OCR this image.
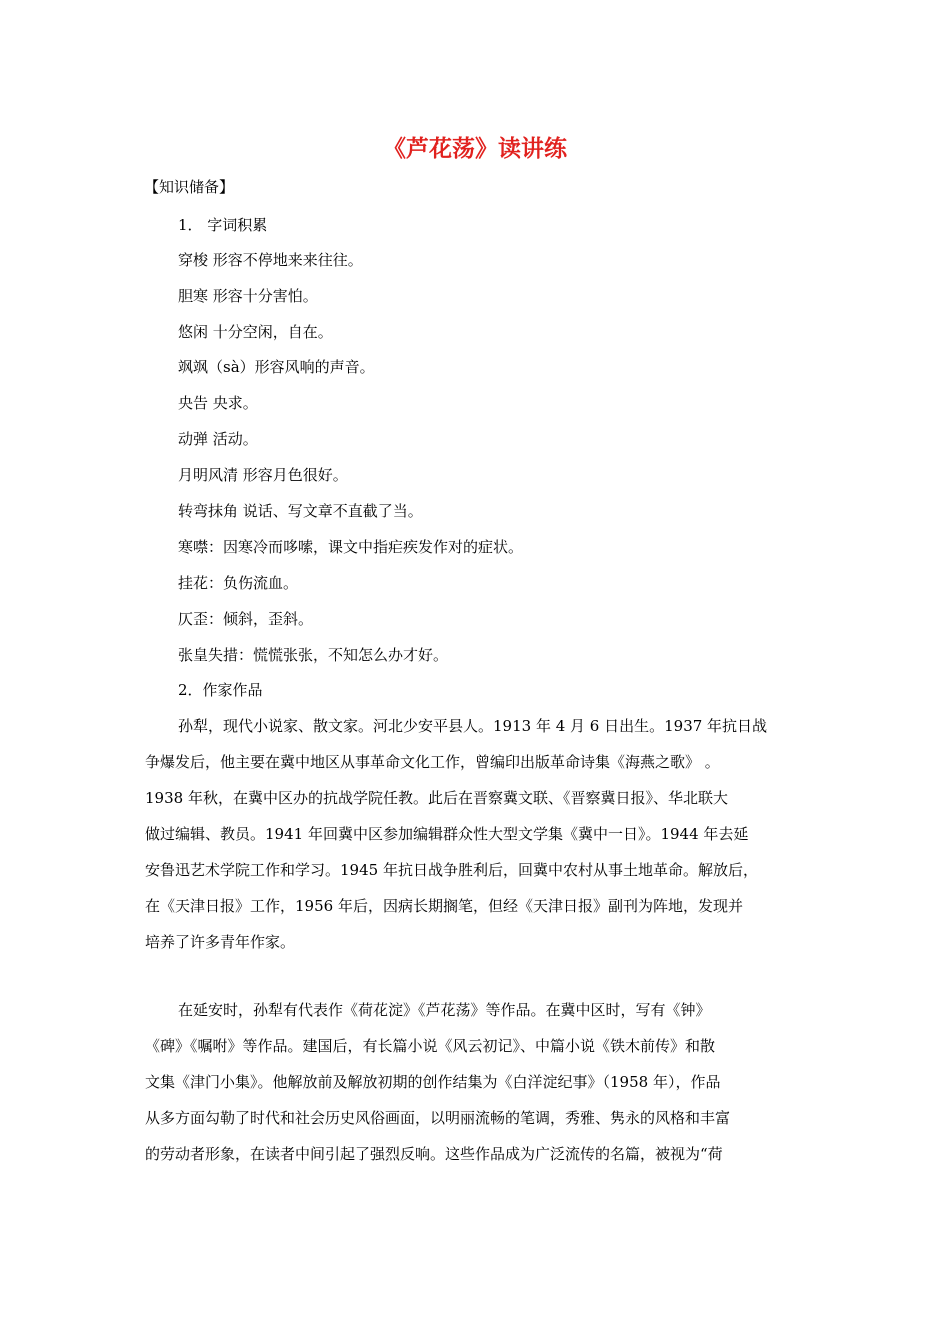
《芦花荡》读讲练
【知识储备】
1． 字词积累
穿梭 形容不停地来来往往。
胆寒 形容十分害怕。
悠闲 十分空闲，自在。
飒飒（sà）形容风响的声音。
央告 央求。
动弹 活动。
月明风清 形容月色很好。
转弯抹角 说话、写文章不直截了当。
寒噤：因寒冷而哆嗦，课文中指疟疾发作对的症状。
挂花：负伤流血。
仄歪：倾斜，歪斜。
张皇失措：慌慌张张，不知怎么办才好。
2．作家作品
孙犁，现代小说家、散文家。河北少安平县人。1913 年 4 月 6 日出生。1937 年抗日战
争爆发后，他主要在冀中地区从事革命文化工作，曾编印出版革命诗集《海燕之歌》 。
1938 年秋，在冀中区办的抗战学院任教。此后在晋察冀文联、《晋察冀日报》、华北联大
做过编辑、教员。1941 年回冀中区参加编辑群众性大型文学集《冀中一日》。1944 年去延
安鲁迅艺术学院工作和学习。1945 年抗日战争胜利后，回冀中农村从事土地革命。解放后，
在《天津日报》工作，1956 年后，因病长期搁笔，但经《天津日报》副刊为阵地，发现并
培养了许多青年作家。
在延安时，孙犁有代表作《荷花淀》《芦花荡》等作品。在冀中区时，写有《钟》
《碑》《嘱咐》等作品。建国后，有长篇小说《风云初记》、中篇小说《铁木前传》和散
文集《津门小集》。他解放前及解放初期的创作结集为《白洋淀纪事》（1958 年），作品
从多方面勾勒了时代和社会历史风俗画面，以明丽流畅的笔调，秀雅、隽永的风格和丰富
的劳动者形象，在读者中间引起了强烈反响。这些作品成为广泛流传的名篇，被视为“荷
